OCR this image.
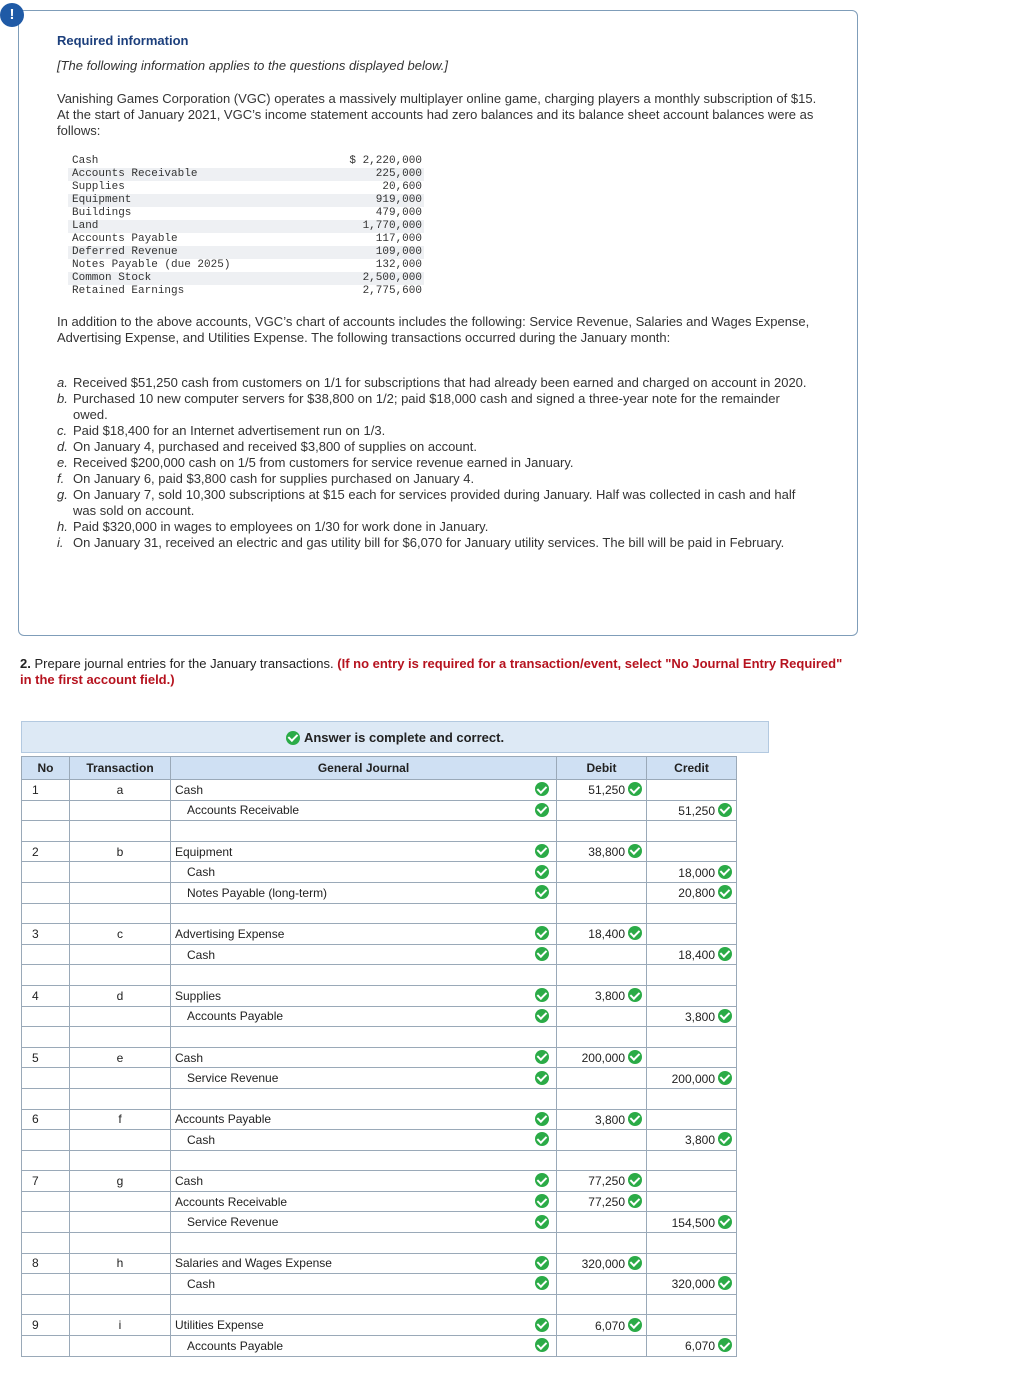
!
Required information
[The following information applies to the questions displayed below.]
Vanishing Games Corporation (VGC) operates a massively multiplayer online game, charging players a monthly subscription of $15. At the start of January 2021, VGC’s income statement accounts had zero balances and its balance sheet account balances were as follows:
Cash	$ 2,220,000
Accounts Receivable	225,000
Supplies	20,600
Equipment	919,000
Buildings	479,000
Land	1,770,000
Accounts Payable	117,000
Deferred Revenue	109,000
Notes Payable (due 2025)	132,000
Common Stock	2,500,000
Retained Earnings	2,775,600
In addition to the above accounts, VGC’s chart of accounts includes the following: Service Revenue, Salaries and Wages Expense, Advertising Expense, and Utilities Expense. The following transactions occurred during the January month:
a. Received $51,250 cash from customers on 1/1 for subscriptions that had already been earned and charged on account in 2020.
b. Purchased 10 new computer servers for $38,800 on 1/2; paid $18,000 cash and signed a three-year note for the remainder owed.
c. Paid $18,400 for an Internet advertisement run on 1/3.
d. On January 4, purchased and received $3,800 of supplies on account.
e. Received $200,000 cash on 1/5 from customers for service revenue earned in January.
f. On January 6, paid $3,800 cash for supplies purchased on January 4.
g. On January 7, sold 10,300 subscriptions at $15 each for services provided during January. Half was collected in cash and half was sold on account.
h. Paid $320,000 in wages to employees on 1/30 for work done in January.
i. On January 31, received an electric and gas utility bill for $6,070 for January utility services. The bill will be paid in February.
2. Prepare journal entries for the January transactions. (If no entry is required for a transaction/event, select "No Journal Entry Required" in the first account field.)
Answer is complete and correct.
No	Transaction	General Journal		Debit	Credit
1	a	Cash		51,250	
		Accounts Receivable			51,250

2	b	Equipment		38,800	
		Cash			18,000
		Notes Payable (long-term)			20,800

3	c	Advertising Expense		18,400	
		Cash			18,400

4	d	Supplies		3,800	
		Accounts Payable			3,800

5	e	Cash		200,000	
		Service Revenue			200,000

6	f	Accounts Payable		3,800	
		Cash			3,800

7	g	Cash		77,250	
		Accounts Receivable		77,250	
		Service Revenue			154,500

8	h	Salaries and Wages Expense		320,000	
		Cash			320,000

9	i	Utilities Expense		6,070	
		Accounts Payable			6,070
